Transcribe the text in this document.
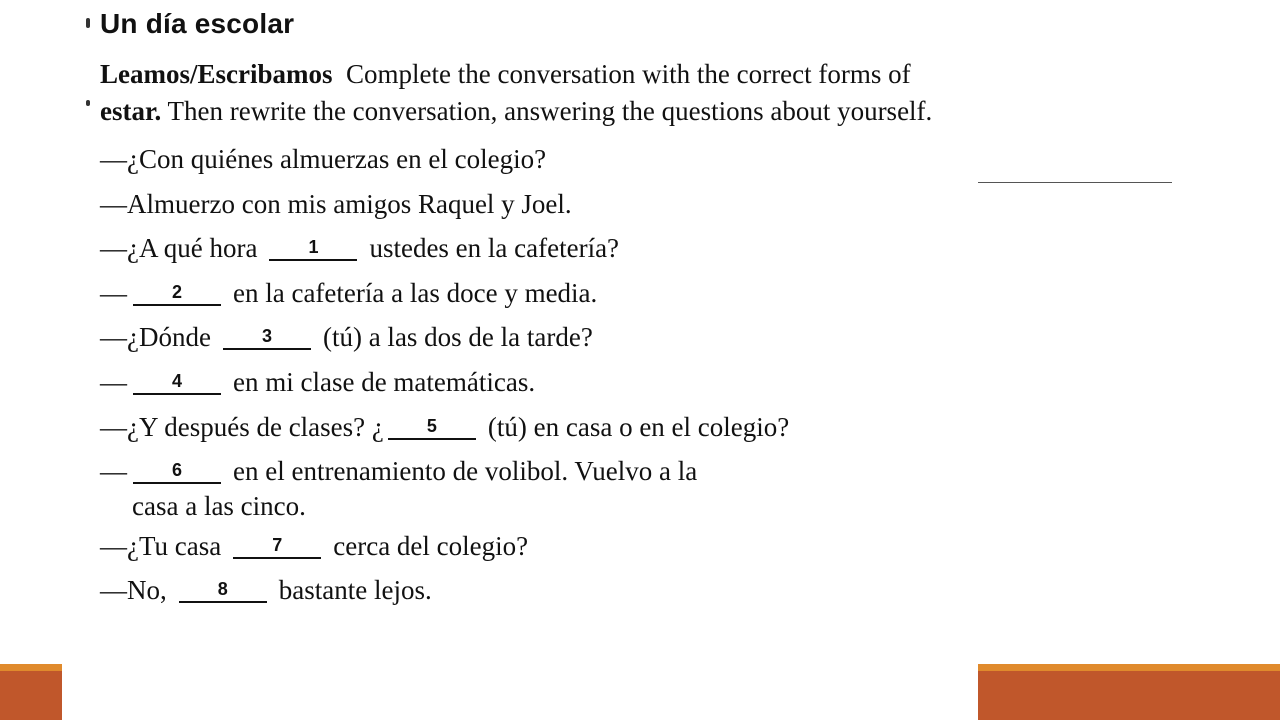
Un día escolar

Leamos/Escribamos Complete the conversation with the correct forms of estar. Then rewrite the conversation, answering the questions about yourself.

—¿Con quiénes almuerzas en el colegio?
—Almuerzo con mis amigos Raquel y Joel.
—¿A qué hora	1	ustedes en la cafetería?
—	2	en la cafetería a las doce y media.
—¿Dónde	3	(tú) a las dos de la tarde?
—	4	en mi clase de matemáticas.
—¿Y después de clases? ¿	5	(tú) en casa o en el colegio?
—	6	en el entrenamiento de volibol. Vuelvo a la
casa a las cinco.
—¿Tu casa	7	cerca del colegio?
—No,	8	bastante lejos.
